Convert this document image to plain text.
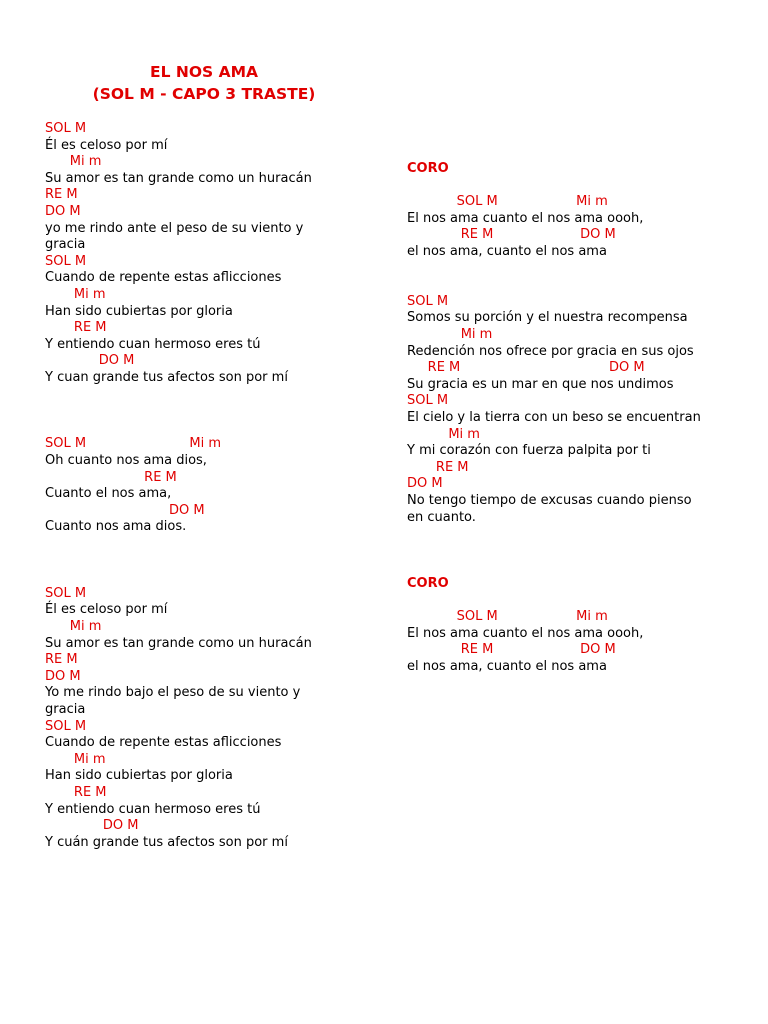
EL NOS AMA
(SOL M - CAPO 3 TRASTE)
SOL M
Él es celoso por mí
Mi m
Su amor es tan grande como un huracán
RE M
DO M
yo me rindo ante el peso de su viento y
gracia
SOL M
Cuando de repente estas aflicciones
Mi m
Han sido cubiertas por gloria
RE M
Y entiendo cuan hermoso eres tú
DO M
Y cuan grande tus afectos son por mí
SOL M                         Mi m
Oh cuanto nos ama dios,
RE M
Cuanto el nos ama,
DO M
Cuanto nos ama dios.
SOL M
Él es celoso por mí
Mi m
Su amor es tan grande como un huracán
RE M
DO M
Yo me rindo bajo el peso de su viento y
gracia
SOL M
Cuando de repente estas aflicciones
Mi m
Han sido cubiertas por gloria
RE M
Y entiendo cuan hermoso eres tú
DO M
Y cuán grande tus afectos son por mí
CORO
SOL M                   Mi m
El nos ama cuanto el nos ama oooh,
RE M                     DO M
el nos ama, cuanto el nos ama
SOL M
Somos su porción y el nuestra recompensa
Mi m
Redención nos ofrece por gracia en sus ojos
RE M                                    DO M
Su gracia es un mar en que nos undimos
SOL M
El cielo y la tierra con un beso se encuentran
Mi m
Y mi corazón con fuerza palpita por ti
RE M
DO M
No tengo tiempo de excusas cuando pienso
en cuanto.
CORO
SOL M                   Mi m
El nos ama cuanto el nos ama oooh,
RE M                     DO M
el nos ama, cuanto el nos ama
